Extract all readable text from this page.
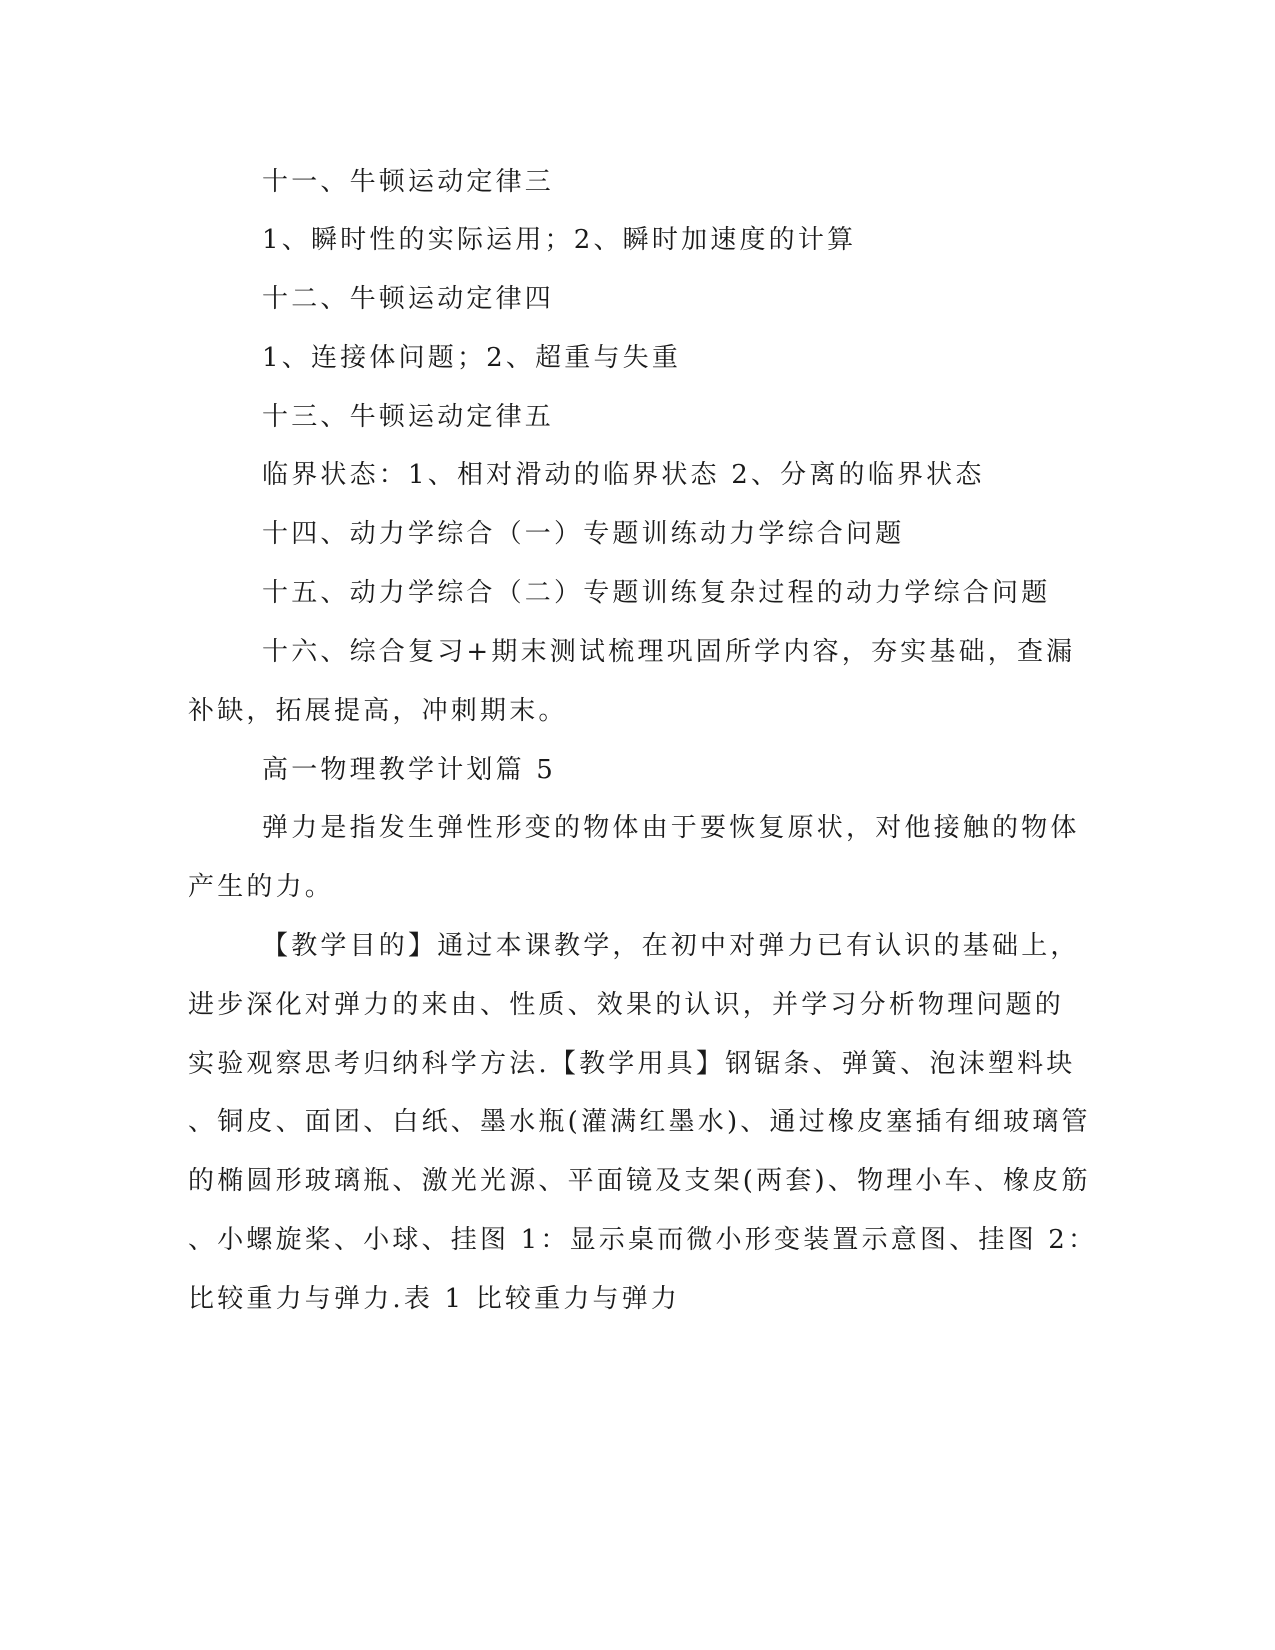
十一、牛顿运动定律三
1、瞬时性的实际运用；2、瞬时加速度的计算
十二、牛顿运动定律四
1、连接体问题；2、超重与失重
十三、牛顿运动定律五
临界状态：1、相对滑动的临界状态 2、分离的临界状态
十四、动力学综合（一）专题训练动力学综合问题
十五、动力学综合（二）专题训练复杂过程的动力学综合问题
十六、综合复习+期末测试梳理巩固所学内容，夯实基础，查漏
补缺，拓展提高，冲刺期末。
高一物理教学计划篇 5
弹力是指发生弹性形变的物体由于要恢复原状，对他接触的物体
产生的力。
【教学目的】通过本课教学，在初中对弹力已有认识的基础上，
进步深化对弹力的来由、性质、效果的认识，并学习分析物理问题的
实验观察思考归纳科学方法.【教学用具】钢锯条、弹簧、泡沫塑料块
、铜皮、面团、白纸、墨水瓶(灌满红墨水)、通过橡皮塞插有细玻璃管
的椭圆形玻璃瓶、激光光源、平面镜及支架(两套)、物理小车、橡皮筋
、小螺旋桨、小球、挂图 1：显示桌而微小形变装置示意图、挂图 2：
比较重力与弹力.表 1 比较重力与弹力
